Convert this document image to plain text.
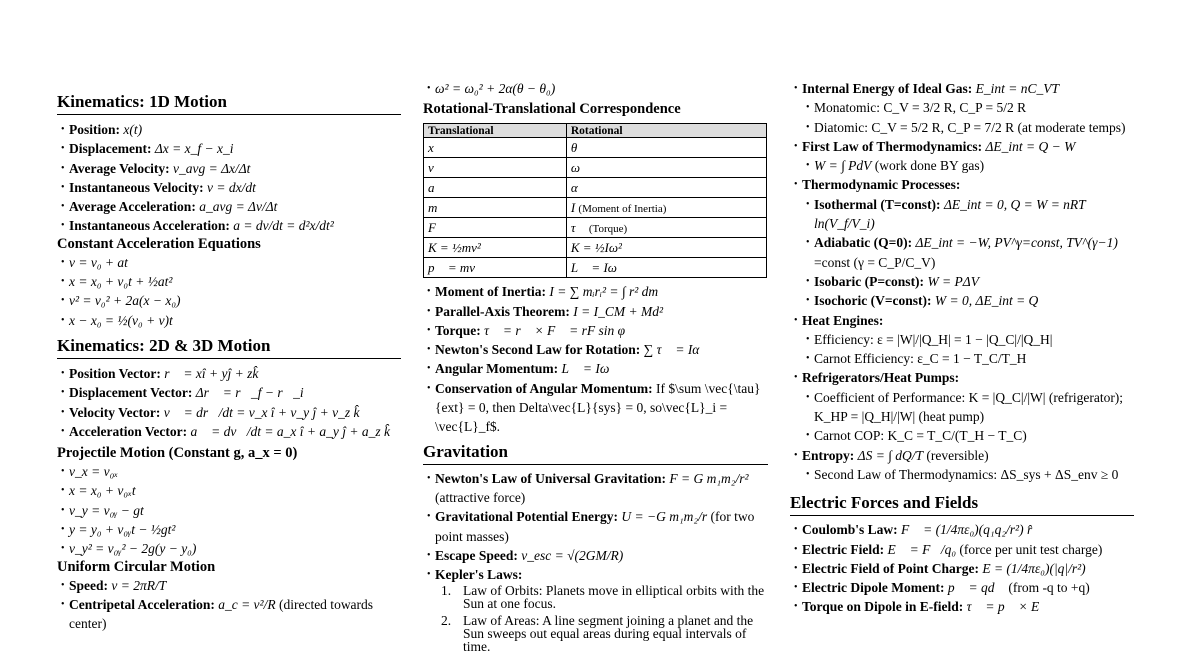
Kinematics: 1D Motion
• Position: x(t)
• Displacement: Δx = x_f − x_i
• Average Velocity: v_avg = Δx/Δt
• Instantaneous Velocity: v = dx/dt
• Average Acceleration: a_avg = Δv/Δt
• Instantaneous Acceleration: a = dv/dt = d²x/dt²
Constant Acceleration Equations
• v = v₀ + at
• x = x₀ + v₀t + ½at²
• v² = v₀² + 2a(x − x₀)
• x − x₀ = ½(v₀ + v)t
Kinematics: 2D & 3D Motion
• Position Vector: r⃗ = xî + yĵ + zk̂
• Displacement Vector: Δr⃗ = r⃗_f − r⃗_i
• Velocity Vector: v⃗ = dr⃗/dt = v_x î + v_y ĵ + v_z k̂
• Acceleration Vector: a⃗ = dv⃗/dt = a_x î + a_y ĵ + a_z k̂
Projectile Motion (Constant g, a_x = 0)
• v_x = v₀ₓ
• x = x₀ + v₀ₓt
• v_y = v₀ᵧ − gt
• y = y₀ + v₀ᵧt − ½gt²
• v_y² = v₀ᵧ² − 2g(y − y₀)
Uniform Circular Motion
• Speed: v = 2πR/T
• Centripetal Acceleration: a_c = v²/R (directed towards center)
• ω² = ω₀² + 2α(θ − θ₀)
Rotational-Translational Correspondence
Translational	Rotational
x	θ
v	ω
a	α
m	I (Moment of Inertia)
F⃗	τ⃗ (Torque)
K = ½mv²	K = ½Iω²
p⃗ = mv⃗	L⃗ = Iω⃗
• Moment of Inertia: I = ∑ mᵢrᵢ² = ∫ r² dm
• Parallel-Axis Theorem: I = I_CM + Md²
• Torque: τ⃗ = r⃗ × F⃗ = rF sin φ
• Newton's Second Law for Rotation: ∑ τ⃗ = Iα⃗
• Angular Momentum: L⃗ = Iω⃗
• Conservation of Angular Momentum: If $\sum \vec{\tau} {ext} = 0, then Delta\vec{L}{sys} = 0, so\vec{L}_i = \vec{L}_f$.
Gravitation
• Newton's Law of Universal Gravitation: F = G m₁m₂/r² (attractive force)
• Gravitational Potential Energy: U = −G m₁m₂/r (for two point masses)
• Escape Speed: v_esc = √(2GM/R)
• Kepler's Laws:
1. Law of Orbits: Planets move in elliptical orbits with the Sun at one focus.
2. Law of Areas: A line segment joining a planet and the Sun sweeps out equal areas during equal intervals of time.
• Internal Energy of Ideal Gas: E_int = nC_VT
• Monatomic: C_V = 3/2 R, C_P = 5/2 R
• Diatomic: C_V = 5/2 R, C_P = 7/2 R (at moderate temps)
• First Law of Thermodynamics: ΔE_int = Q − W
• W = ∫ PdV (work done BY gas)
• Thermodynamic Processes:
• Isothermal (T=const): ΔE_int = 0, Q = W = nRT ln(V_f/V_i)
• Adiabatic (Q=0): ΔE_int = −W, PV^γ=const, TV^(γ−1) =const (γ = C_P/C_V)
• Isobaric (P=const): W = PΔV
• Isochoric (V=const): W = 0, ΔE_int = Q
• Heat Engines:
• Efficiency: ε = |W|/|Q_H| = 1 − |Q_C|/|Q_H|
• Carnot Efficiency: ε_C = 1 − T_C/T_H
• Refrigerators/Heat Pumps:
• Coefficient of Performance: K = |Q_C|/|W| (refrigerator); K_HP = |Q_H|/|W| (heat pump)
• Carnot COP: K_C = T_C/(T_H − T_C)
• Entropy: ΔS = ∫ dQ/T (reversible)
• Second Law of Thermodynamics: ΔS_sys + ΔS_env ≥ 0
Electric Forces and Fields
• Coulomb's Law: F⃗ = (1/4πε₀)(q₁q₂/r²) r̂
• Electric Field: E⃗ = F⃗/q₀ (force per unit test charge)
• Electric Field of Point Charge: E = (1/4πε₀)(|q|/r²)
• Electric Dipole Moment: p⃗ = qd⃗ (from -q to +q)
• Torque on Dipole in E-field: τ⃗ = p⃗ × E⃗
